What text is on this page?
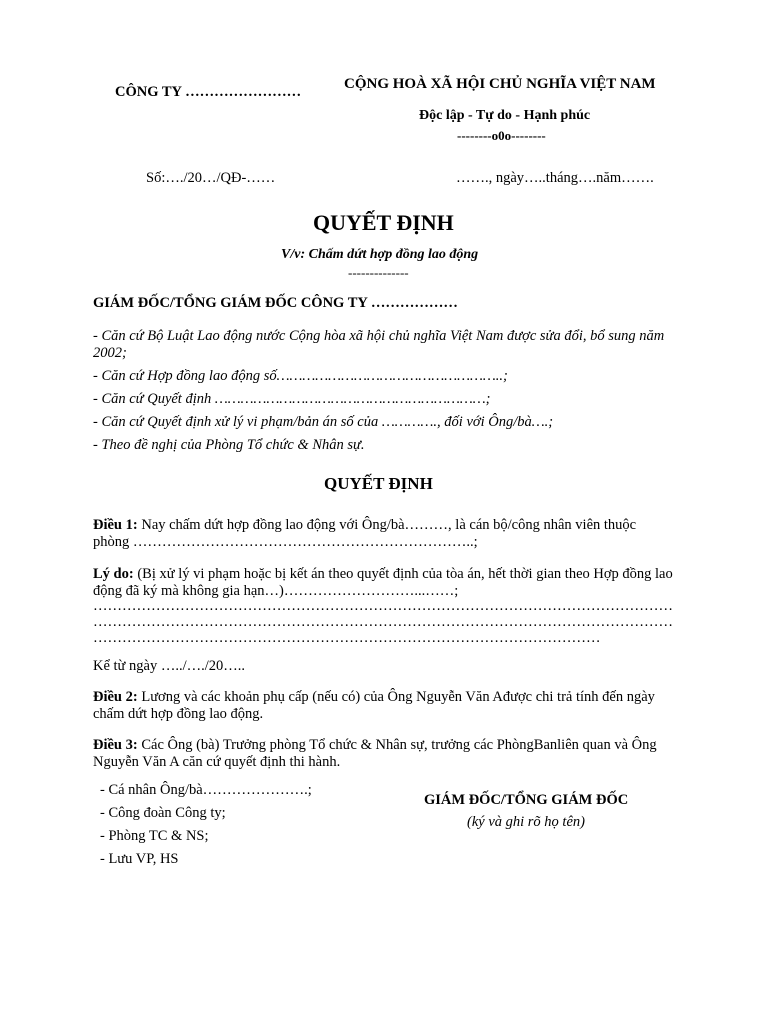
CÔNG TY ……………………	CỘNG HOÀ XÃ HỘI CHỦ NGHĨA VIỆT NAM
Độc lập - Tự do - Hạnh phúc
--------o0o--------
Số:…./20…/QĐ-……	……., ngày…..tháng….năm…….
QUYẾT ĐỊNH
V/v: Chấm dứt hợp đồng lao động
--------------
GIÁM ĐỐC/TỔNG GIÁM ĐỐC CÔNG TY ………………
- Căn cứ Bộ Luật Lao động nước Cộng hòa xã hội chủ nghĩa Việt Nam được sửa đổi, bổ sung năm 2002;
- Căn cứ Hợp đồng lao động số……………………………………………..;
- Căn cứ Quyết định ………………………………………………………;
- Căn cứ Quyết định xử lý vi phạm/bản án số của …………., đối với Ông/bà….;
- Theo đề nghị của Phòng Tổ chức & Nhân sự.
QUYẾT ĐỊNH
Điều 1: Nay chấm dứt hợp đồng lao động với Ông/bà………, là cán bộ/công nhân viên thuộc phòng ……………………………………………………………..;
Lý do: (Bị xử lý vi phạm hoặc bị kết án theo quyết định của tòa án, hết thời gian theo Hợp đồng lao động đã ký mà không gia hạn…)………………………...……;
…………………………………………………………………………………………………………
…………………………………………………………………………………………………………
……………………………………………………………………………………………
Kể từ ngày …../…./20…..
Điều 2: Lương và các khoản phụ cấp (nếu có) của Ông Nguyễn Văn Ađược chi trả tính đến ngày chấm dứt hợp đồng lao động.
Điều 3: Các Ông (bà) Trưởng phòng Tổ chức & Nhân sự, trưởng các PhòngBanliên quan và Ông Nguyễn Văn A căn cứ quyết định thi hành.
- Cá nhân Ông/bà………………….;
- Công đoàn Công ty;
- Phòng TC & NS;
- Lưu VP, HS
GIÁM ĐỐC/TỔNG GIÁM ĐỐC
(ký và ghi rõ họ tên)
